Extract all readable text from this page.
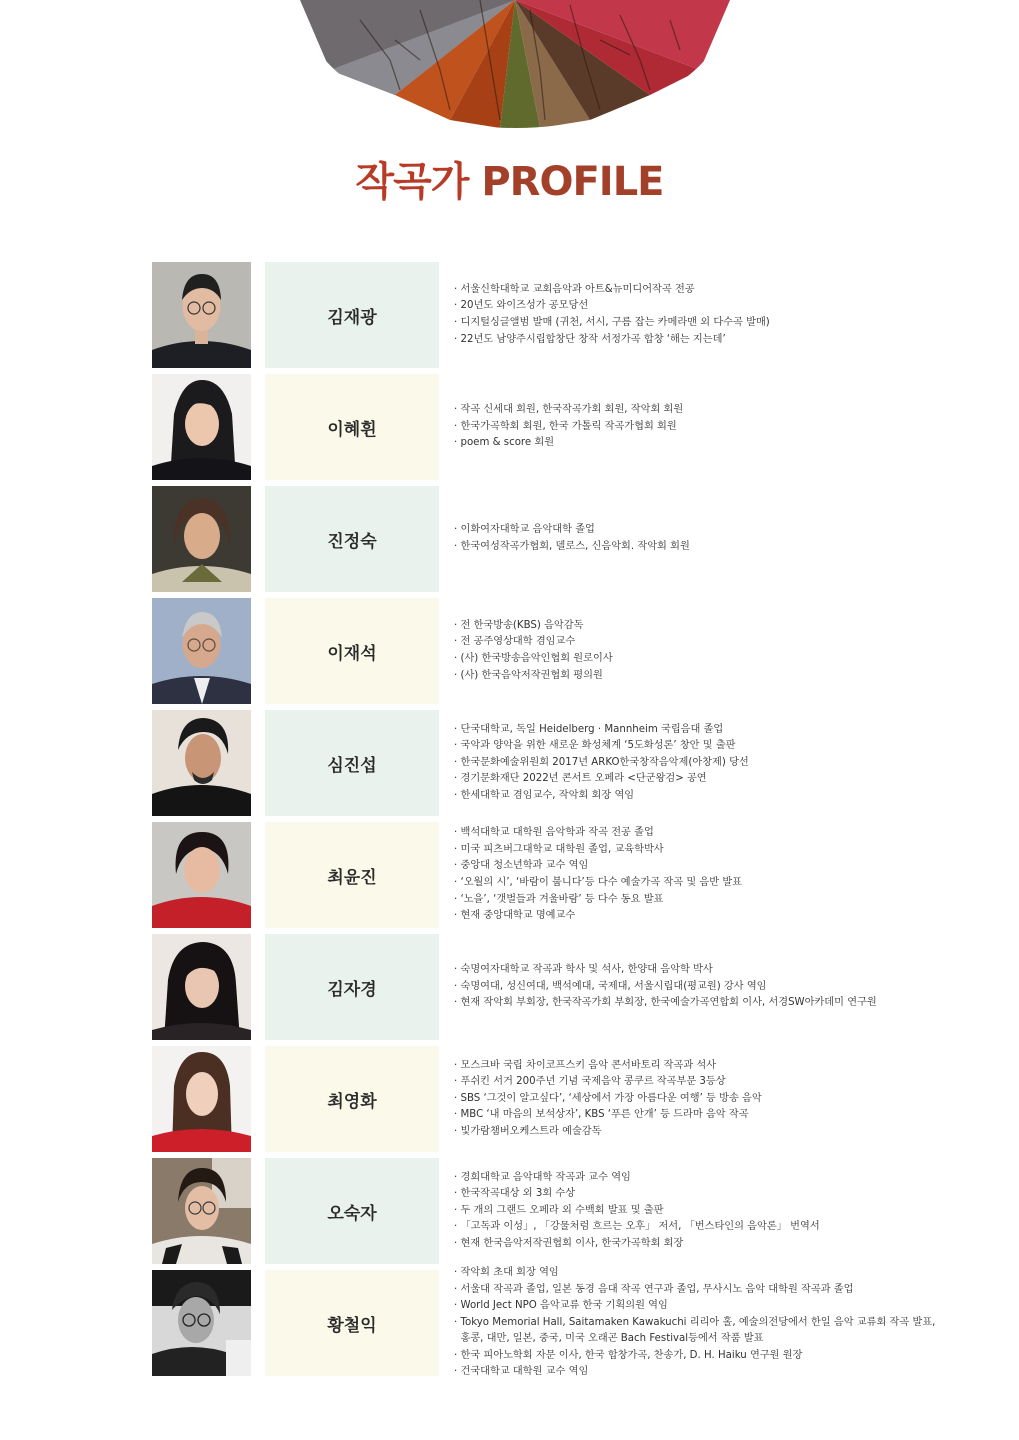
작곡가 PROFILE
김재광
· 서울신학대학교 교회음악과 아트&뉴미디어작곡 전공
· 20년도 와이즈성가 공모당선
· 디지털싱글앨범 발매 (귀천, 서시, 구름 잡는 카메라맨 외 다수곡 발매)
· 22년도 남양주시립합창단 창작 서정가곡 합창 ‘해는 지는데’
이혜휜
· 작곡 신세대 회원, 한국작곡가회 회원, 작악회 회원
· 한국가곡학회 회원, 한국 가톨릭 작곡가협회 회원
· poem & score 회원
진정숙
· 이화여자대학교 음악대학 졸업
· 한국여성작곡가협회, 델로스, 신음악회. 작악회 회원
이재석
· 전 한국방송(KBS) 음악감독
· 전 공주영상대학 겸임교수
· (사) 한국방송음악인협회 원로이사
· (사) 한국음악저작권협회 평의원
심진섭
· 단국대학교, 독일 Heidelberg · Mannheim 국립음대 졸업
· 국악과 양악을 위한 새로운 화성체계 ‘5도화성론’ 창안 및 출판
· 한국문화예술위원회 2017년 ARKO한국창작음악제(아창제) 당선
· 경기문화재단 2022년 콘서트 오페라 <단군왕검> 공연
· 한세대학교 겸임교수, 작악회 회장 역임
최윤진
· 백석대학교 대학원 음악학과 작곡 전공 졸업
· 미국 피츠버그대학교 대학원 졸업, 교육학박사
· 중앙대 청소년학과 교수 역임
· ‘오월의 시’, ‘바람이 붑니다’등 다수 예술가곡 작곡 및 음반 발표
· ‘노을’, ‘갯벌들과 겨울바람’ 등 다수 동요 발표
· 현재 중앙대학교 명예교수
김자경
· 숙명여자대학교 작곡과 학사 및 석사, 한양대 음악학 박사
· 숙명여대, 성신여대, 백석예대, 국제대, 서울시립대(평교원) 강사 역임
· 현재 작악회 부회장, 한국작곡가회 부회장, 한국예술가곡연합회 이사, 서경SW아카데미 연구원
최영화
· 모스크바 국립 차이코프스키 음악 콘서바토리 작곡과 석사
· 푸쉬킨 서거 200주년 기념 국제음악 콩쿠르 작곡부문 3등상
· SBS ‘그것이 알고싶다’, ‘세상에서 가장 아름다운 여행’ 등 방송 음악
· MBC ‘내 마음의 보석상자’, KBS ‘푸른 안개’ 등 드라마 음악 작곡
· 빛가람챔버오케스트라 예술감독
오숙자
· 경희대학교 음악대학 작곡과 교수 역임
· 한국작곡대상 외 3회 수상
· 두 개의 그랜드 오페라 외 수백회 발표 및 출판
· 「고독과 이성」, 「강물처럼 흐르는 오후」 저서, 「번스타인의 음악론」 번역서
· 현재 한국음악저작권협회 이사, 한국가곡학회 회장
황철익
· 작악회 초대 회장 역임
· 서울대 작곡과 졸업, 일본 동경 음대 작곡 연구과 졸업, 무사시노 음악 대학원 작곡과 졸업
· World Ject NPO 음악교류 한국 기획의원 역임
· Tokyo Memorial Hall, Saitamaken Kawakuchi 리리아 홀, 예술의전당에서 한일 음악 교류회 작곡 발표,
홍콩, 대만, 일본, 중국, 미국 오래곤 Bach Festival등에서 작품 발표
· 한국 피아노학회 자문 이사, 한국 합창가곡, 찬송가, D. H. Haiku 연구원 원장
· 건국대학교 대학원 교수 역임
